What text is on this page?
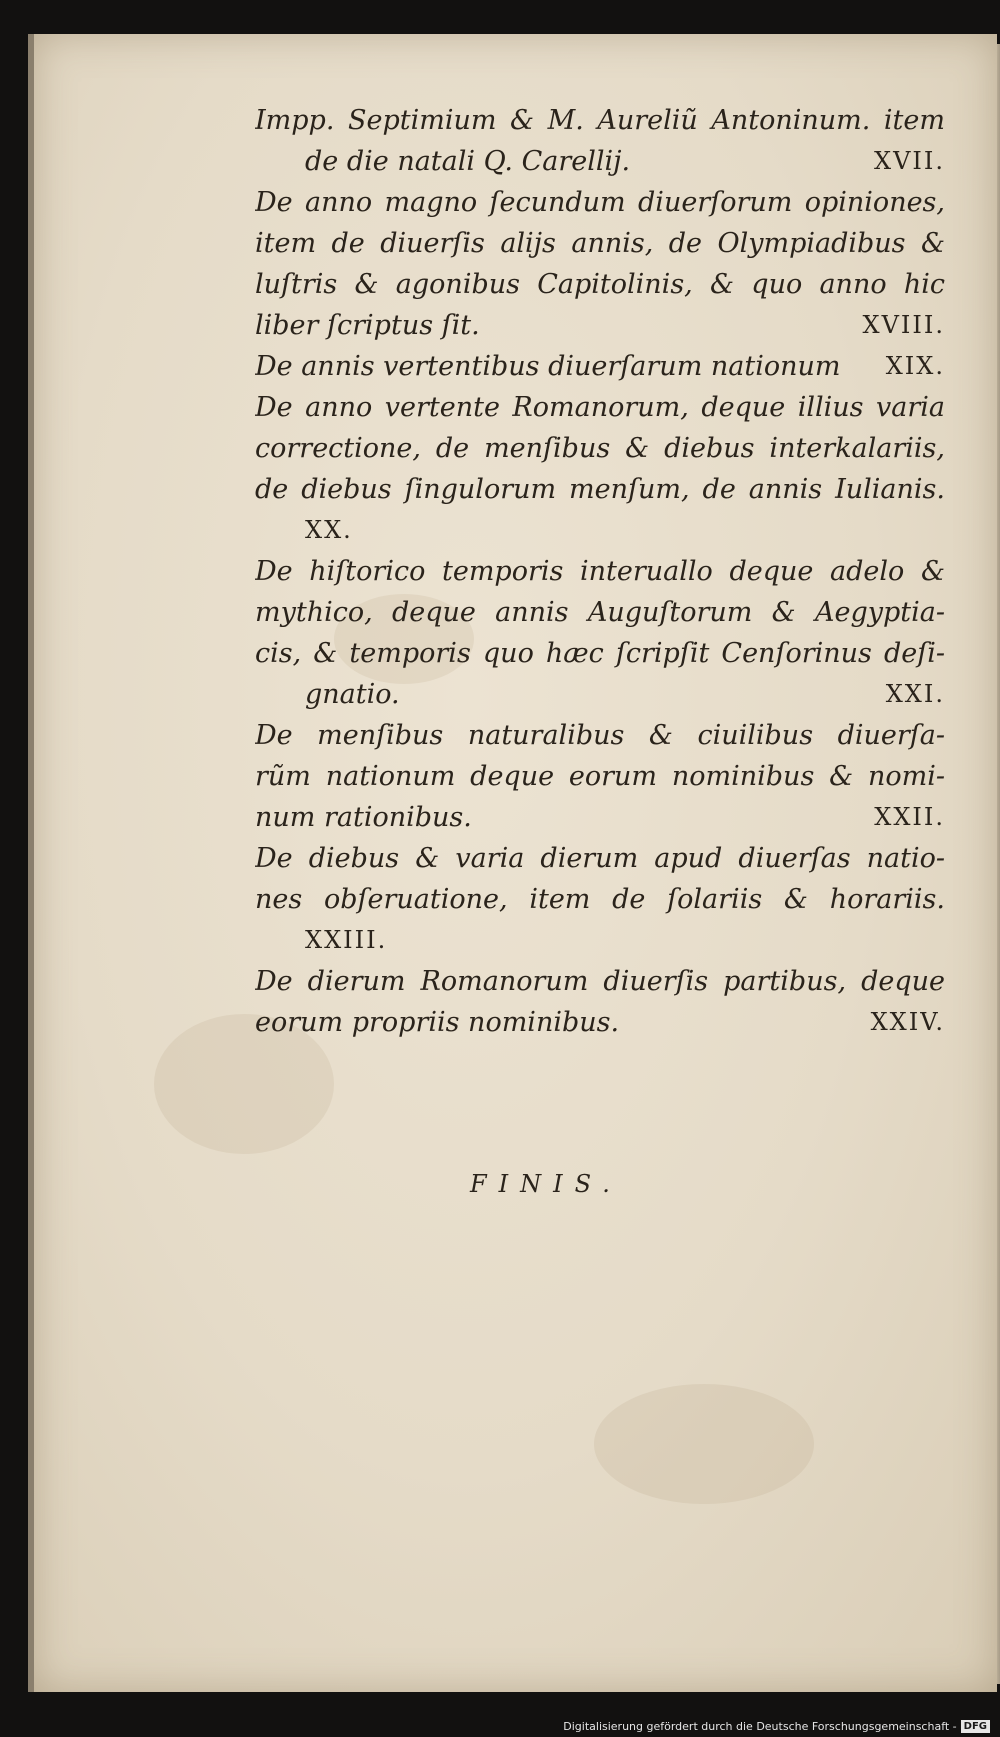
Impp. Septimium & M. Aureliũ Antoninum. item
XVII.
de die natali Q. Carellij.
De anno magno ſecundum diuerſorum opiniones,
item de diuerſis alijs annis, de Olympiadibus &
luſtris & agonibus Capitolinis, & quo anno hic
XVIII.
liber ſcriptus ſit.
XIX.
De annis vertentibus diuerſarum nationum
De anno vertente Romanorum, deque illius varia
correctione, de menſibus & diebus interkalariis,
de diebus ſingulorum menſum, de annis Iulianis.
XX.
De hiſtorico temporis interuallo deque adelo &
mythico, deque annis Auguſtorum & Aegyptia-
cis, & temporis quo hæc ſcripſit Cenſorinus deſi-
XXI.
gnatio.
De menſibus naturalibus & ciuilibus diuerſa-
rũm nationum deque eorum nominibus & nomi-
XXII.
num rationibus.
De diebus & varia dierum apud diuerſas natio-
nes obſeruatione, item de ſolariis & horariis.
XXIII.
De dierum Romanorum diuerſis partibus, deque
XXIV.
eorum propriis nominibus.
FINIS.
Digitalisierung gefördert durch die Deutsche Forschungsgemeinschaft - DFG
